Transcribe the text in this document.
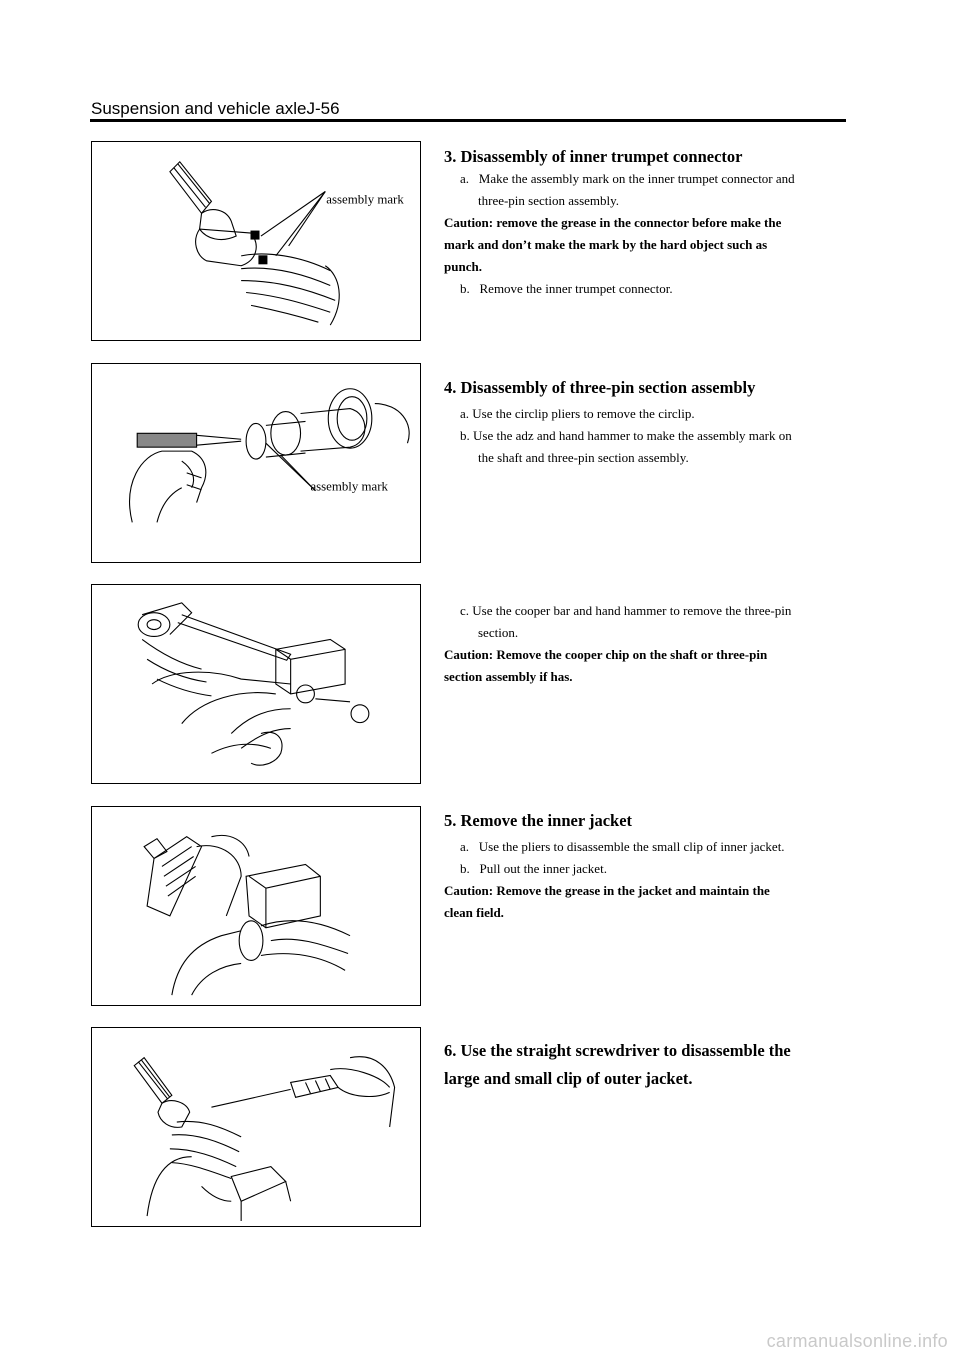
Suspension and vehicle axleJ-56
assembly mark
3. Disassembly of inner trumpet connector
a. Make the assembly mark on the inner trumpet connector and
three-pin section assembly.
Caution: remove the grease in the connector before make the
mark and don’t make the mark by the hard object such as
punch.
b. Remove the inner trumpet connector.
assembly mark
4. Disassembly of three-pin section assembly
a. Use the circlip pliers to remove the circlip.
b. Use the adz and hand hammer to make the assembly mark on
the shaft and three-pin section assembly.
c. Use the cooper bar and hand hammer to remove the three-pin
section.
Caution: Remove the cooper chip on the shaft or three-pin
section assembly if has.
5. Remove the inner jacket
a. Use the pliers to disassemble the small clip of inner jacket.
b. Pull out the inner jacket.
Caution: Remove the grease in the jacket and maintain the
clean field.
6. Use the straight screwdriver to disassemble the
large and small clip of outer jacket.
carmanualsonline.info
